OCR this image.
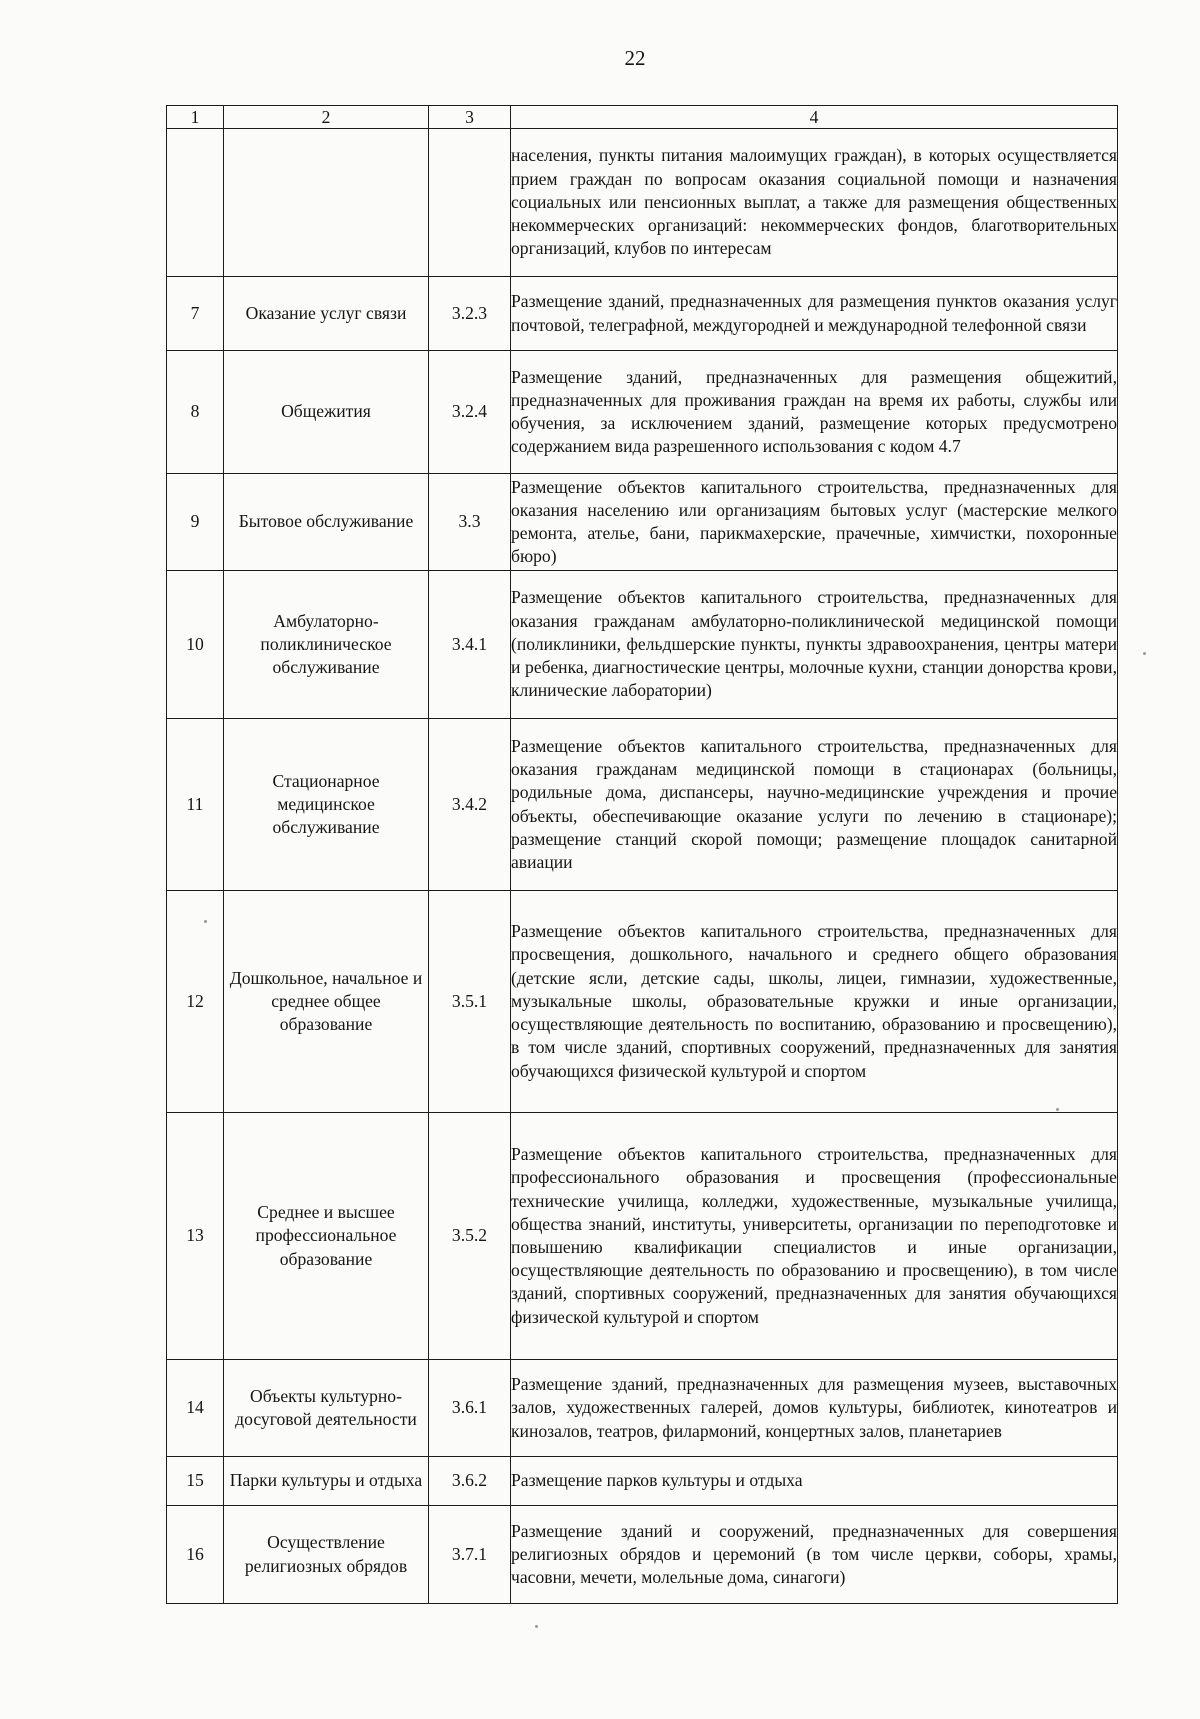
22
1	2	3	4
			населения, пункты питания малоимущих граждан), в которых осуществляется прием граждан по вопросам оказания социальной помощи и назначения социальных или пенсионных выплат, а также для размещения общественных некоммерческих организаций: некоммерческих фондов, благотворительных организаций, клубов по интересам
7	Оказание услуг связи	3.2.3	Размещение зданий, предназначенных для размещения пунктов оказания услуг почтовой, телеграфной, междугородней и международной телефонной связи
8	Общежития	3.2.4	Размещение зданий, предназначенных для размещения общежитий, предназначенных для проживания граждан на время их работы, службы или обучения, за исключением зданий, размещение которых предусмотрено содержанием вида разрешенного использования с кодом 4.7
9	Бытовое обслуживание	3.3	Размещение объектов капитального строительства, предназначенных для оказания населению или организациям бытовых услуг (мастерские мелкого ремонта, ателье, бани, парикмахерские, прачечные, химчистки, похоронные бюро)
10	Амбулаторно-поликлиническое обслуживание	3.4.1	Размещение объектов капитального строительства, предназначенных для оказания гражданам амбулаторно-поликлинической медицинской помощи (поликлиники, фельдшерские пункты, пункты здравоохранения, центры матери и ребенка, диагностические центры, молочные кухни, станции донорства крови, клинические лаборатории)
11	Стационарное медицинское обслуживание	3.4.2	Размещение объектов капитального строительства, предназначенных для оказания гражданам медицинской помощи в стационарах (больницы, родильные дома, диспансеры, научно-медицинские учреждения и прочие объекты, обеспечивающие оказание услуги по лечению в стационаре); размещение станций скорой помощи; размещение площадок санитарной авиации
12	Дошкольное, начальное и среднее общее образование	3.5.1	Размещение объектов капитального строительства, предназначенных для просвещения, дошкольного, начального и среднего общего образования (детские ясли, детские сады, школы, лицеи, гимназии, художественные, музыкальные школы, образовательные кружки и иные организации, осуществляющие деятельность по воспитанию, образованию и просвещению), в том числе зданий, спортивных сооружений, предназначенных для занятия обучающихся физической культурой и спортом
13	Среднее и высшее профессиональное образование	3.5.2	Размещение объектов капитального строительства, предназначенных для профессионального образования и просвещения (профессиональные технические училища, колледжи, художественные, музыкальные училища, общества знаний, институты, университеты, организации по переподготовке и повышению квалификации специалистов и иные организации, осуществляющие деятельность по образованию и просвещению), в том числе зданий, спортивных сооружений, предназначенных для занятия обучающихся физической культурой и спортом
14	Объекты культурно-досуговой деятельности	3.6.1	Размещение зданий, предназначенных для размещения музеев, выставочных залов, художественных галерей, домов культуры, библиотек, кинотеатров и кинозалов, театров, филармоний, концертных залов, планетариев
15	Парки культуры и отдыха	3.6.2	Размещение парков культуры и отдыха
16	Осуществление религиозных обрядов	3.7.1	Размещение зданий и сооружений, предназначенных для совершения религиозных обрядов и церемоний (в том числе церкви, соборы, храмы, часовни, мечети, молельные дома, синагоги)
